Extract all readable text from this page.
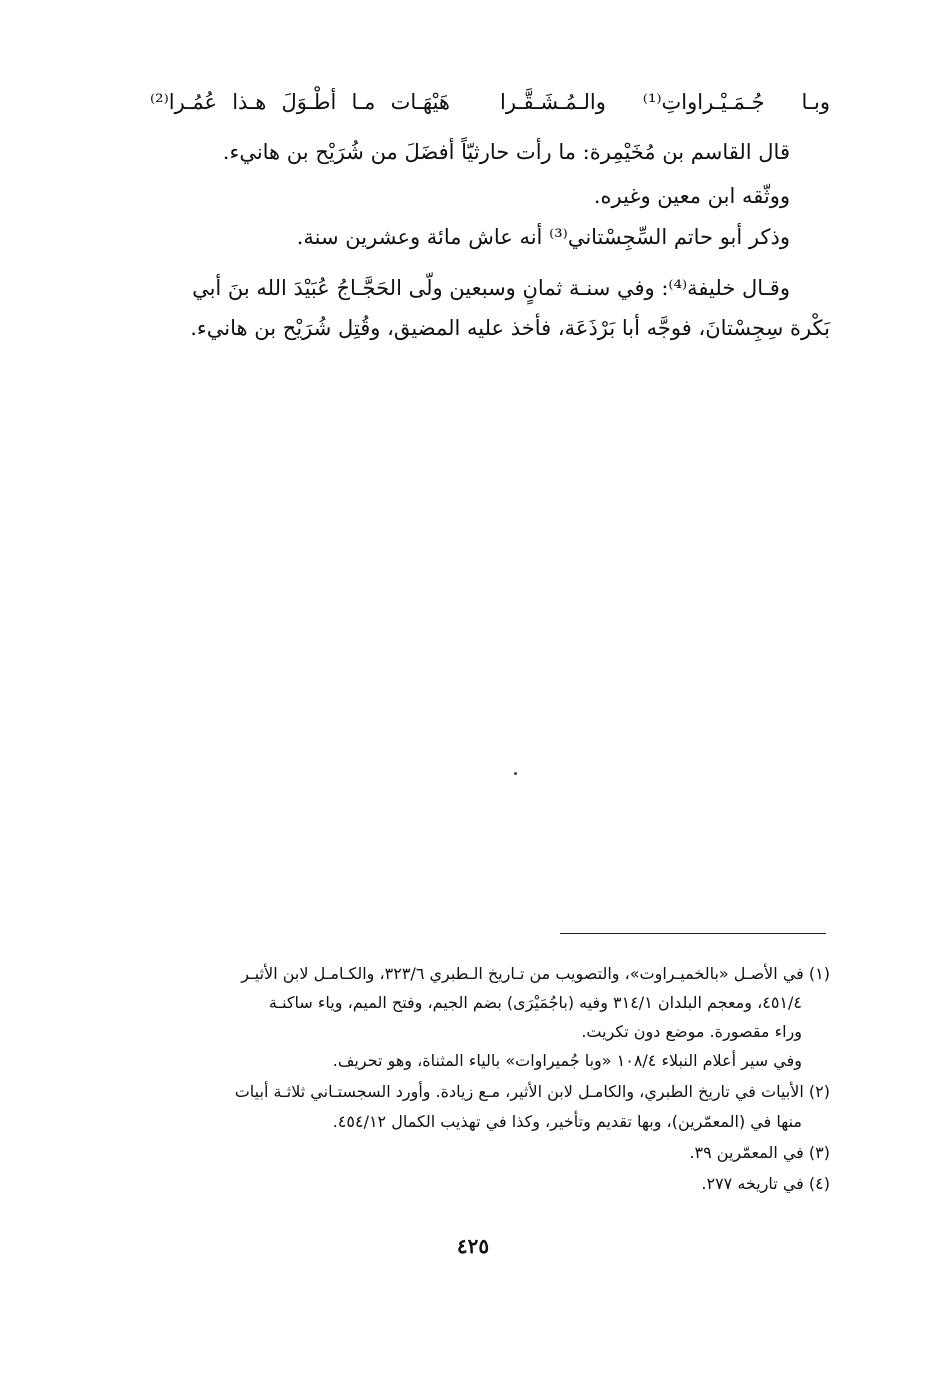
وبـا جُـمَـيْـراواتِ⁽¹⁾ والـمُـشَـقَّـرا
هَيْهَـات مـا أطْـوَلَ هـذا عُمُـرا⁽²⁾
قال القاسم بن مُخَيْمِرة: ما رأت حارثيّاً أفضَلَ من شُرَيْح بن هانيء.
ووثّقه ابن معين وغيره.
وذكر أبو حاتم السِّجِسْتاني⁽³⁾ أنه عاش مائة وعشرين سنة.
وقـال خليفة⁽⁴⁾: وفي سنـة ثمانٍ وسبعين ولّى الحَجَّـاجُ عُبَيْدَ الله بنَ أبي
بَكْرة سِجِسْتانَ، فوجَّه أبا بَرْذَعَة، فأخذ عليه المضيق، وقُتِل شُرَيْح بن هانيء.
(١) في الأصـل «بالخميـراوت»، والتصويب من تـاريخ الـطبري ٣٢٣/٦، والكـامـل لابن الأثيـر
٤٥١/٤، ومعجم البلدان ٣١٤/١ وفيه (باجُمَيْرَى) بضم الجيم، وفتح الميم، وياء ساكنـة
وراء مقصورة. موضع دون تكريت.
وفي سير أعلام النبلاء ١٠٨/٤ «وبا جُميراوات» بالياء المثناة، وهو تحريف.
(٢) الأبيات في تاريخ الطبري، والكامـل لابن الأثير، مـع زيادة. وأورد السجستـاني ثلاثـة أبيات
منها في (المعمّرين)، وبها تقديم وتأخير، وكذا في تهذيب الكمال ٤٥٤/١٢.
(٣) في المعمّرين ٣٩.
(٤) في تاريخه ٢٧٧.
٤٢٥
